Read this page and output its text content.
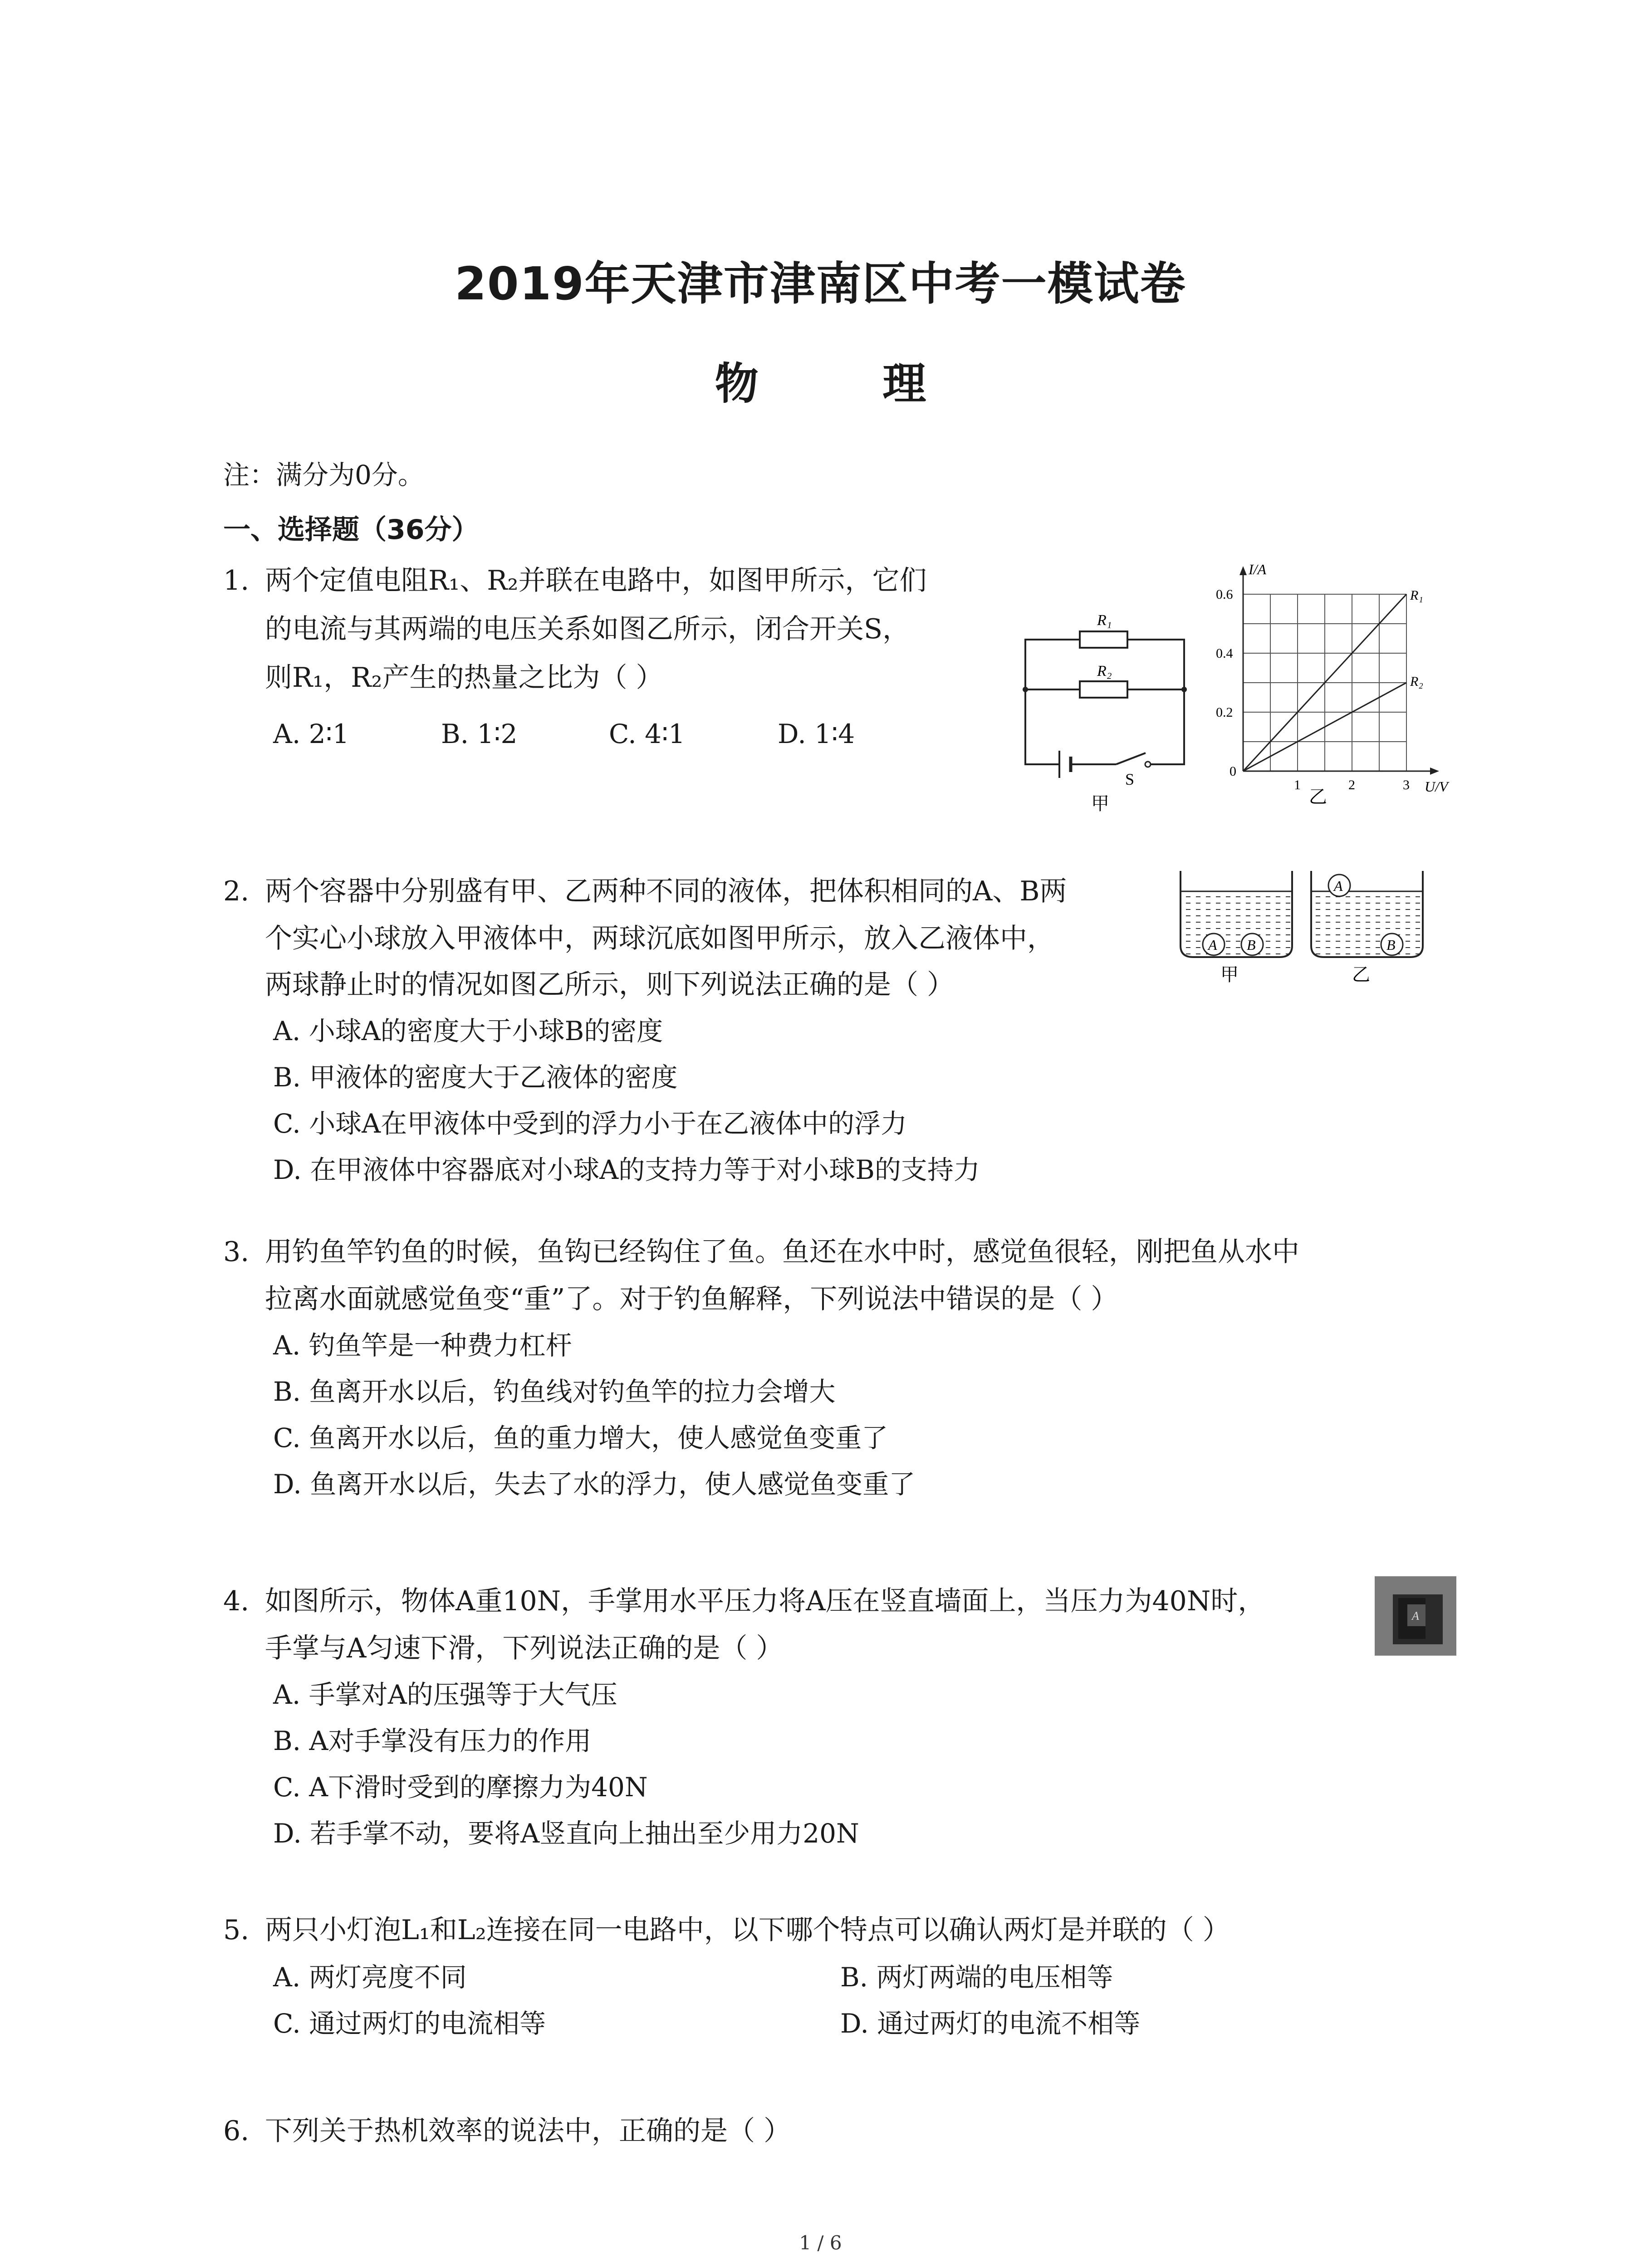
2019年天津市津南区中考一模试卷
物 理
注：满分为0分。
一、选择题（36分）
1. 两个定值电阻R₁、R₂并联在电路中，如图甲所示，它们
的电流与其两端的电压关系如图乙所示，闭合开关S，
则R₁，R₂产生的热量之比为（ ）
A. 2∶1	B. 1∶2	C. 4∶1	D. 1∶4
R₁
R₂
S
甲
I/A
U/V
0.6
0.4
0.2
0
1	2	3
R₁
R₂
乙
2. 两个容器中分别盛有甲、乙两种不同的液体，把体积相同的A、B两
个实心小球放入甲液体中，两球沉底如图甲所示，放入乙液体中，
两球静止时的情况如图乙所示，则下列说法正确的是（ ）
A. 小球A的密度大于小球B的密度
B. 甲液体的密度大于乙液体的密度
C. 小球A在甲液体中受到的浮力小于在乙液体中的浮力
D. 在甲液体中容器底对小球A的支持力等于对小球B的支持力
A B
A
B
甲	乙
3. 用钓鱼竿钓鱼的时候，鱼钩已经钩住了鱼。鱼还在水中时，感觉鱼很轻，刚把鱼从水中
拉离水面就感觉鱼变“重”了。对于钓鱼解释，下列说法中错误的是（ ）
A. 钓鱼竿是一种费力杠杆
B. 鱼离开水以后，钓鱼线对钓鱼竿的拉力会增大
C. 鱼离开水以后，鱼的重力增大，使人感觉鱼变重了
D. 鱼离开水以后，失去了水的浮力，使人感觉鱼变重了
4. 如图所示，物体A重10N，手掌用水平压力将A压在竖直墙面上，当压力为40N时，
手掌与A匀速下滑，下列说法正确的是（ ）
A. 手掌对A的压强等于大气压
B. A对手掌没有压力的作用
C. A下滑时受到的摩擦力为40N
D. 若手掌不动，要将A竖直向上抽出至少用力20N
A
5. 两只小灯泡L₁和L₂连接在同一电路中，以下哪个特点可以确认两灯是并联的（ ）
A. 两灯亮度不同	B. 两灯两端的电压相等
C. 通过两灯的电流相等	D. 通过两灯的电流不相等
6. 下列关于热机效率的说法中，正确的是（ ）
1 / 6
